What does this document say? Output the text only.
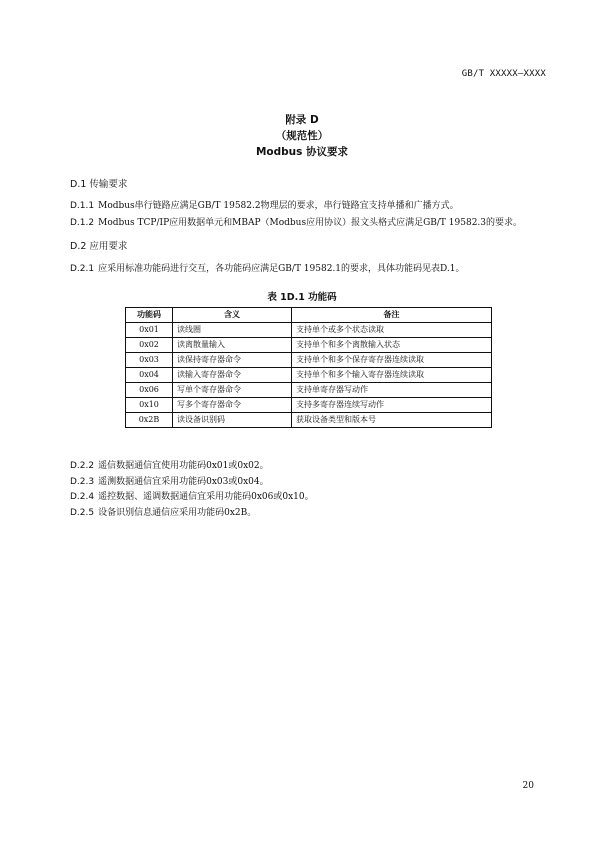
GB/T XXXXX—XXXX
附录 D
（规范性）
Modbus 协议要求
D.1 传输要求
D.1.1 Modbus串行链路应满足GB/T 19582.2物理层的要求，串行链路宜支持单播和广播方式。
D.1.2 Modbus TCP/IP应用数据单元和MBAP（Modbus应用协议）报文头格式应满足GB/T 19582.3的要求。
D.2 应用要求
D.2.1 应采用标准功能码进行交互，各功能码应满足GB/T 19582.1的要求，具体功能码见表D.1。
表 1D.1 功能码
功能码	含义	备注
0x01	读线圈	支持单个或多个状态读取
0x02	读离散量输入	支持单个和多个离散输入状态
0x03	读保持寄存器命令	支持单个和多个保存寄存器连续读取
0x04	读输入寄存器命令	支持单个和多个输入寄存器连续读取
0x06	写单个寄存器命令	支持单寄存器写动作
0x10	写多个寄存器命令	支持多寄存器连续写动作
0x2B	读设备识别码	获取设备类型和版本号
D.2.2 遥信数据通信宜使用功能码0x01或0x02。
D.2.3 遥测数据通信宜采用功能码0x03或0x04。
D.2.4 遥控数据、遥调数据通信宜采用功能码0x06或0x10。
D.2.5 设备识别信息通信应采用功能码0x2B。
20
